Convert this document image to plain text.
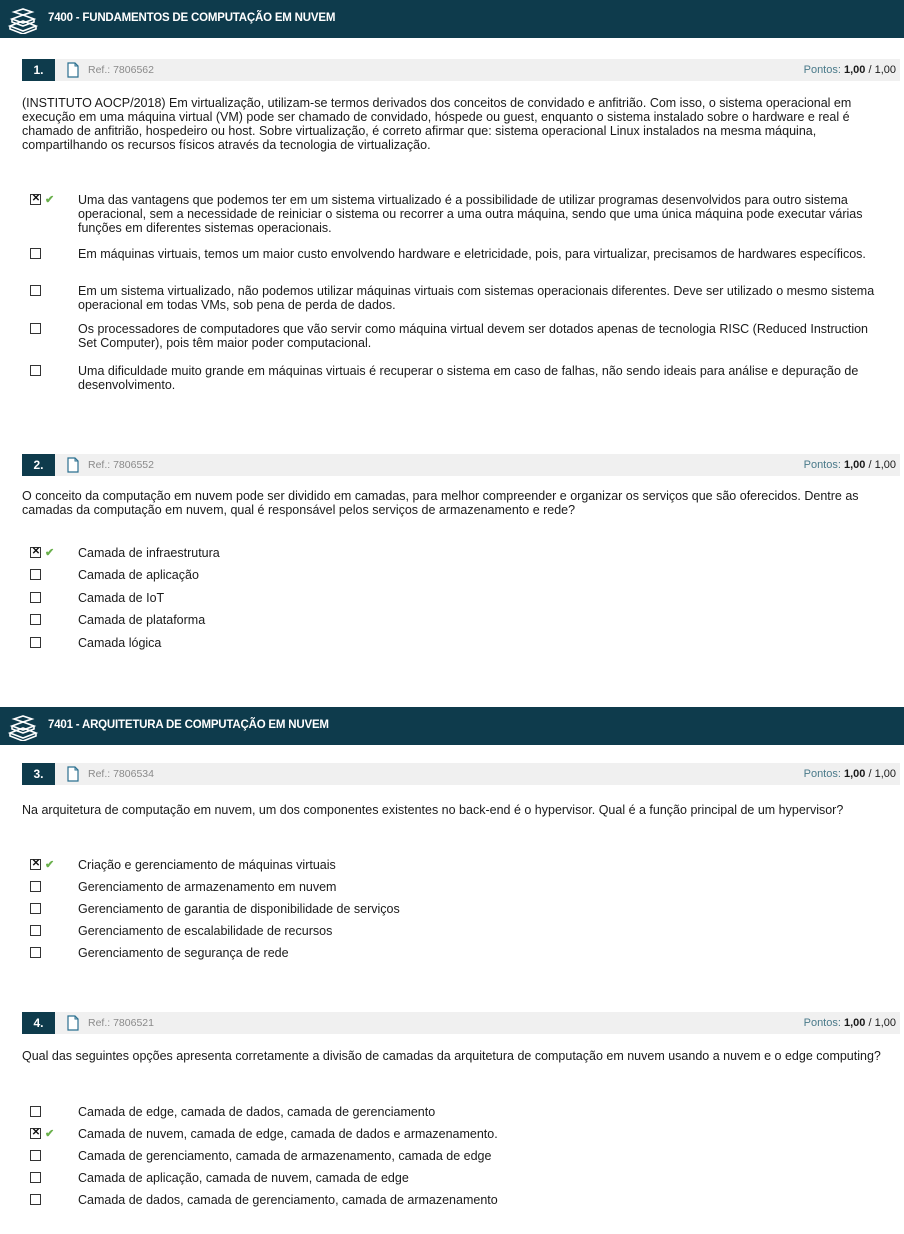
7400 - FUNDAMENTOS DE COMPUTAÇÃO EM NUVEM
1.	Ref.: 7806562	Pontos: 1,00 / 1,00
(INSTITUTO AOCP/2018) Em virtualização, utilizam-se termos derivados dos conceitos de convidado e anfitrião. Com isso, o sistema operacional em execução em uma máquina virtual (VM) pode ser chamado de convidado, hóspede ou guest, enquanto o sistema instalado sobre o hardware e real é chamado de anfitrião, hospedeiro ou host. Sobre virtualização, é correto afirmar que: sistema operacional Linux instalados na mesma máquina, compartilhando os recursos físicos através da tecnologia de virtualização.
✕
✔ Uma das vantagens que podemos ter em um sistema virtualizado é a possibilidade de utilizar programas desenvolvidos para outro sistema operacional, sem a necessidade de reiniciar o sistema ou recorrer a uma outra máquina, sendo que uma única máquina pode executar várias funções em diferentes sistemas operacionais.
Em máquinas virtuais, temos um maior custo envolvendo hardware e eletricidade, pois, para virtualizar, precisamos de hardwares específicos.
Em um sistema virtualizado, não podemos utilizar máquinas virtuais com sistemas operacionais diferentes. Deve ser utilizado o mesmo sistema operacional em todas VMs, sob pena de perda de dados.
Os processadores de computadores que vão servir como máquina virtual devem ser dotados apenas de tecnologia RISC (Reduced Instruction Set Computer), pois têm maior poder computacional.
Uma dificuldade muito grande em máquinas virtuais é recuperar o sistema em caso de falhas, não sendo ideais para análise e depuração de desenvolvimento.
2.	Ref.: 7806552	Pontos: 1,00 / 1,00
O conceito da computação em nuvem pode ser dividido em camadas, para melhor compreender e organizar os serviços que são oferecidos. Dentre as camadas da computação em nuvem, qual é responsável pelos serviços de armazenamento e rede?
✕
✔ Camada de infraestrutura
Camada de aplicação
Camada de IoT
Camada de plataforma
Camada lógica
7401 - ARQUITETURA DE COMPUTAÇÃO EM NUVEM
3.	Ref.: 7806534	Pontos: 1,00 / 1,00
Na arquitetura de computação em nuvem, um dos componentes existentes no back-end é o hypervisor. Qual é a função principal de um hypervisor?
✕
✔ Criação e gerenciamento de máquinas virtuais
Gerenciamento de armazenamento em nuvem
Gerenciamento de garantia de disponibilidade de serviços
Gerenciamento de escalabilidade de recursos
Gerenciamento de segurança de rede
4.	Ref.: 7806521	Pontos: 1,00 / 1,00
Qual das seguintes opções apresenta corretamente a divisão de camadas da arquitetura de computação em nuvem usando a nuvem e o edge computing?
Camada de edge, camada de dados, camada de gerenciamento
✕
✔ Camada de nuvem, camada de edge, camada de dados e armazenamento.
Camada de gerenciamento, camada de armazenamento, camada de edge
Camada de aplicação, camada de nuvem, camada de edge
Camada de dados, camada de gerenciamento, camada de armazenamento
